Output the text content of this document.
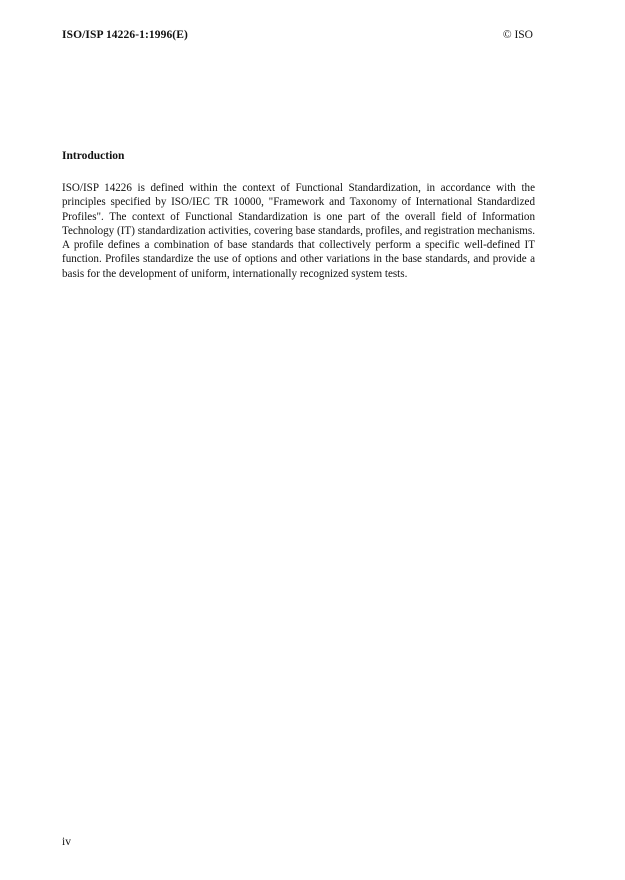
ISO/ISP 14226-1:1996(E)	© ISO
Introduction

ISO/ISP 14226 is defined within the context of Functional Standardization, in accordance with the principles specified by ISO/IEC TR 10000, "Framework and Taxonomy of International Standardized Profiles". The context of Functional Standardization is one part of the overall field of Information Technology (IT) standardization activities, covering base standards, profiles, and registration mechanisms. A profile defines a combination of base standards that collectively perform a specific well-defined IT function. Profiles standardize the use of options and other variations in the base standards, and provide a basis for the development of uniform, internationally recognized system tests.

iv
